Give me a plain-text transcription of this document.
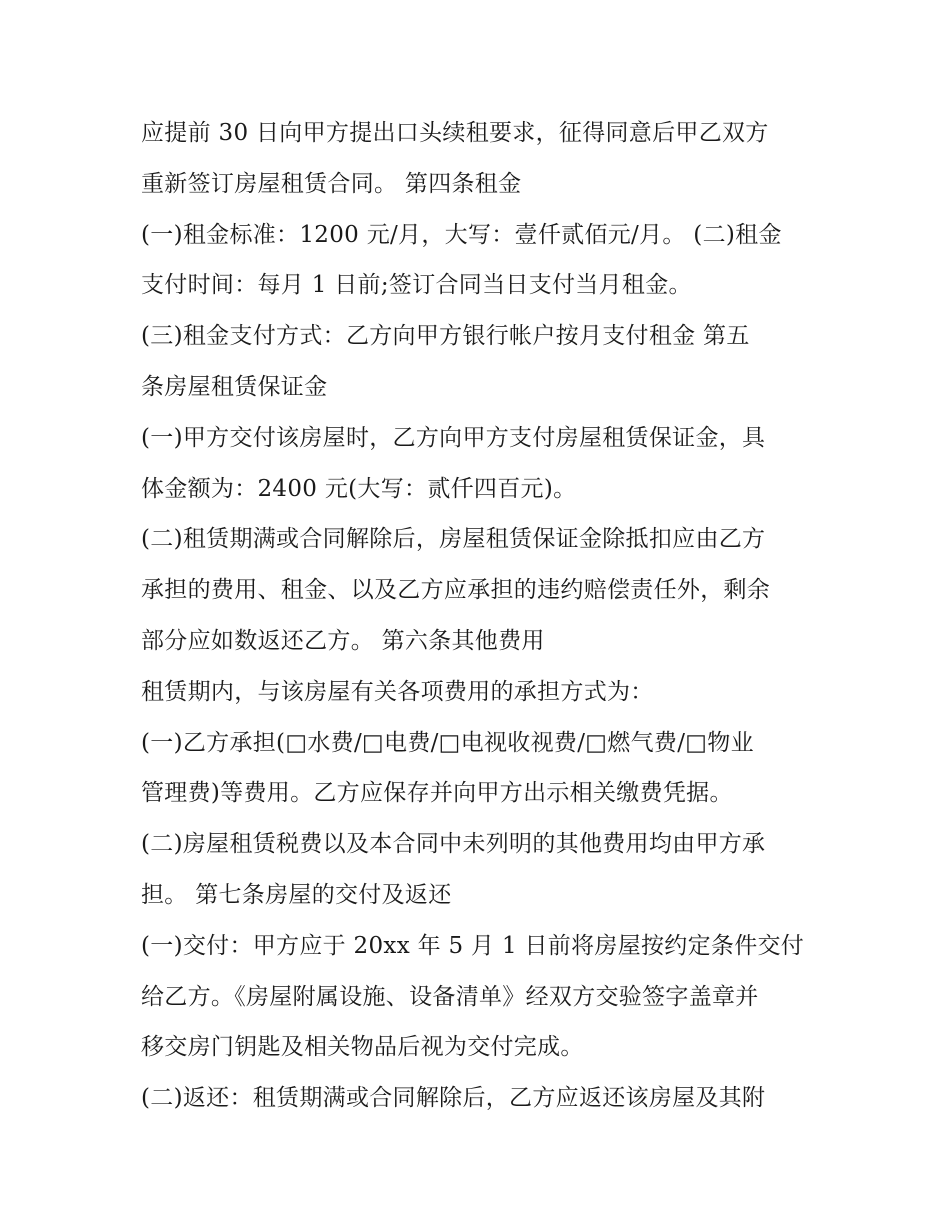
应提前 30 日向甲方提出口头续租要求，征得同意后甲乙双方
重新签订房屋租赁合同。 第四条租金
(一)租金标准：1200 元/月，大写：壹仟贰佰元/月。 (二)租金
支付时间：每月 1 日前;签订合同当日支付当月租金。
(三)租金支付方式：乙方向甲方银行帐户按月支付租金 第五
条房屋租赁保证金
(一)甲方交付该房屋时，乙方向甲方支付房屋租赁保证金，具
体金额为：2400 元(大写：贰仟四百元)。
(二)租赁期满或合同解除后，房屋租赁保证金除抵扣应由乙方
承担的费用、租金、以及乙方应承担的违约赔偿责任外，剩余
部分应如数返还乙方。 第六条其他费用
租赁期内，与该房屋有关各项费用的承担方式为：
(一)乙方承担(□水费/□电费/□电视收视费/□燃气费/□物业
管理费)等费用。乙方应保存并向甲方出示相关缴费凭据。
(二)房屋租赁税费以及本合同中未列明的其他费用均由甲方承
担。 第七条房屋的交付及返还
(一)交付：甲方应于 20xx 年 5 月 1 日前将房屋按约定条件交付
给乙方。《房屋附属设施、设备清单》经双方交验签字盖章并
移交房门钥匙及相关物品后视为交付完成。
(二)返还：租赁期满或合同解除后，乙方应返还该房屋及其附
